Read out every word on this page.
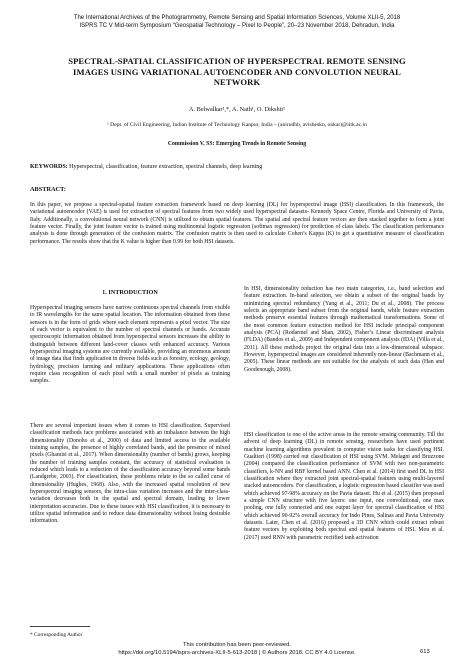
The International Archives of the Photogrammetry, Remote Sensing and Spatial Information Sciences, Volume XLII-5, 2018
ISPRS TC V Mid-term Symposium “Geospatial Technology – Pixel to People”, 20–23 November 2018, Dehradun, India
SPECTRAL-SPATIAL CLASSIFICATION OF HYPERSPECTRAL REMOTE SENSING
IMAGES USING VARIATIONAL AUTOENCODER AND CONVOLUTION NEURAL
NETWORK
A. Belwalkar¹,*, A. Nath¹, O. Dikshit¹
¹ Dept. of Civil Engineering, Indian Institute of Technology Kanpur, India – (anirudhb, avisheskn, onkar)@iitk.ac.in
Commission V, SS: Emerging Trends in Remote Sensing
KEYWORDS: Hyperspectral, classification, feature extraction, spectral channels, deep learning
ABSTRACT:
In this paper, we propose a spectral-spatial feature extraction framework based on deep learning (DL) for hyperspectral image (HSI) classification. In this framework, the variational autoencoder (VAE) is used for extraction of spectral features from two widely used hyperspectral datasets- Kennedy Space Centre, Florida and University of Pavia, Italy. Additionally, a convolutional neural network (CNN) is utilized to obtain spatial features. The spatial and spectral feature vectors are then stacked together to form a joint feature vector. Finally, the joint feature vector is trained using multinomial logistic regression (softmax regression) for prediction of class labels. The classification performance analysis is done through generation of the confusion matrix. The confusion matrix is then used to calculate Cohen’s Kappa (K) to get a quantitative measure of classification performance. The results show that the K value is higher than 0.99 for both HSI datasets.
1. INTRODUCTION
Hyperspectral imaging sensors have narrow continuous spectral channels from visible to IR wavelengths for the same spatial location. The information obtained from these sensors is in the form of grids where each element represents a pixel vector. The size of each vector is equivalent to the number of spectral channels or bands. Accurate spectroscopic information obtained from hyperspectral sensors increases the ability to distinguish between different land-cover classes with enhanced accuracy. Various hyperspectral imaging systems are currently available, providing an enormous amount of image data that finds application in diverse fields such as forestry, ecology, geology, hydrology, precision farming and military applications. These applications often require class recognition of each pixel with a small number of pixels as training samples.
There are several important issues when it comes to HSI classification. Supervised classification methods face problems associated with an imbalance between the high dimensionality (Donoho et al., 2000) of data and limited access to the available training samples, the presence of highly correlated bands, and the presence of mixed pixels (Ghamisi et al., 2017). When dimensionality (number of bands) grows, keeping the number of training samples constant, the accuracy of statistical evaluation is reduced which leads to a reduction of the classification accuracy beyond some bands (Landgrebe, 2003). For classification, these problems relate to the so called curse of dimensionality (Hughes, 1968). Also, with the increased spatial resolution of new hyperspectral imaging sensors, the intra-class variation increases and the inter-class- variation decreases both in the spatial and spectral domain, leading to lower interpretation accuracies. Due to these issues with HSI classification, it is necessary to utilize spatial information and to reduce data dimensionality without losing desirable information.
In HSI, dimensionality reduction has two main categories, i.e., band selection and feature extraction. In-band selection, we obtain a subset of the original bands by minimizing spectral redundancy (Yang et al., 2011; Du et al., 2008). The process selects an appropriate band subset from the original bands, while feature extraction methods preserve essential features through mathematical transformations. Some of the most common feature extraction method for HSI include principal component analysis (PCA) (Rodarmel and Shan, 2002), Fisher’s Linear discriminant analysis (FLDA) (Bandos et al., 2009) and Independent component analysis (IDA) (Villa et al., 2011). All these methods project the original data into a low-dimensional subspace. However, hyperspectral images are considered inherently non-linear (Bachmann et al., 2005). These linear methods are not suitable for the analysis of such data (Han and Goodenough, 2008).
HSI classification is one of the active areas in the remote sensing community. Till the advent of deep learning (DL) in remote sensing, researchers have used pertinent machine learning algorithms prevalent in computer vision tasks for classifying HSI. Gualtieri (1998) carried out classification of HSI using SVM. Melagni and Bruzzone (2004) compared the classification performance of SVM with two non-parametric classifiers, k-NN and RBF kernel based ANN. Chen et al. (2014) first used DL in HSI classification where they extracted joint spectral-spatial features using multi-layered stacked autoencoders. For classification, a logistic regression based classifier was used which achieved 97-98% accuracy on the Pavia dataset. Hu et al. (2015) then proposed a simple CNN structure with five layers: one input, one convolutional, one max pooling, one fully connected and one output layer for spectral classification of HSI which achieved 90-92% overall accuracy for Indo Pines, Salinas and Pavia University datasets. Later, Chen et al. (2016) proposed a 3D CNN which could extract robust feature vectors by exploiting both spectral and spatial features of HSI. Mou et al. (2017) used RNN with parametric rectified tanh activation
* Corresponding Author
This contribution has been peer-reviewed.
https://doi.org/10.5194/isprs-archives-XLII-5-613-2018 | © Authors 2018. CC BY 4.0 License.	613
